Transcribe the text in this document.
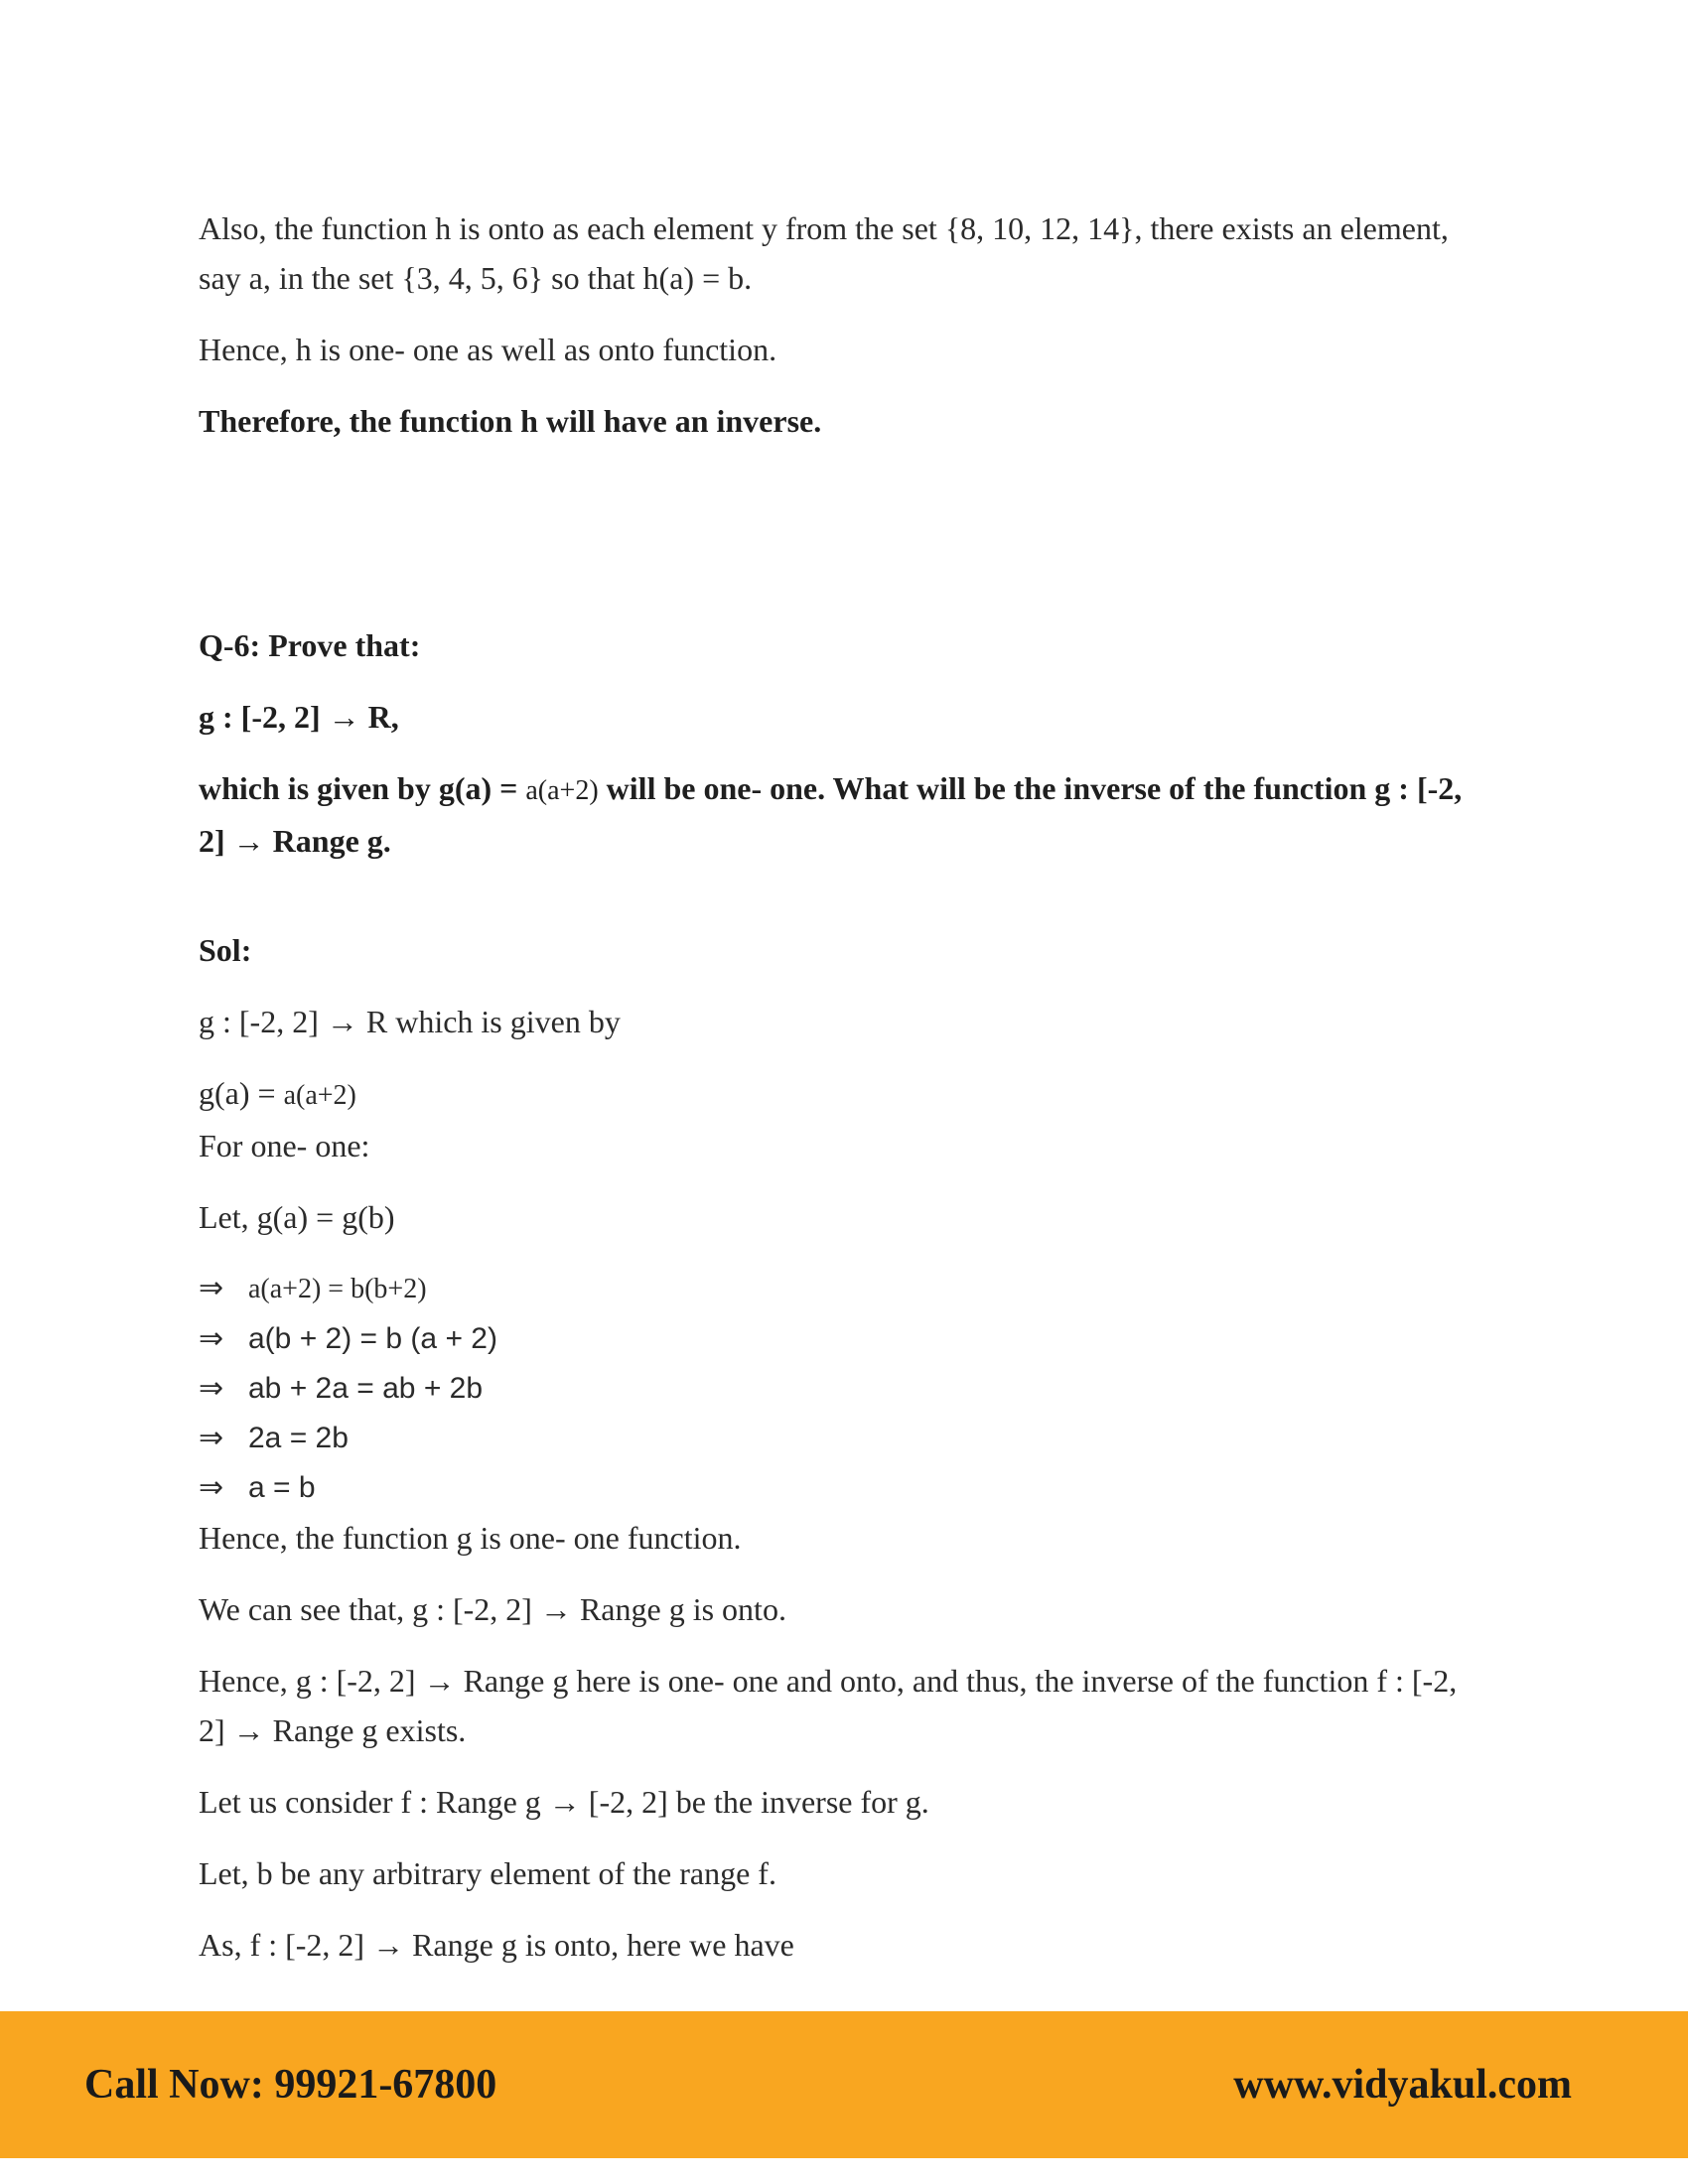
Also, the function h is onto as each element y from the set {8, 10, 12, 14}, there exists an element, say a, in the set {3, 4, 5, 6} so that h(a) = b.

Hence, h is one- one as well as onto function.

Therefore, the function h will have an inverse.

Q-6: Prove that:

g : [-2, 2] → R,

which is given by g(a) = a(a+2) will be one- one. What will be the inverse of the function g : [-2, 2] → Range g.

Sol:

g : [-2, 2] → R which is given by

g(a) = a(a+2)

For one- one:

Let, g(a) = g(b)

⇒ a(a+2) = b(b+2)

⇒ a(b + 2) = b (a + 2)

⇒ ab + 2a = ab + 2b

⇒ 2a = 2b

⇒ a = b

Hence, the function g is one- one function.

We can see that, g : [-2, 2] → Range g is onto.

Hence, g : [-2, 2] → Range g here is one- one and onto, and thus, the inverse of the function f : [-2, 2] → Range g exists.

Let us consider f : Range g → [-2, 2] be the inverse for g.

Let, b be any arbitrary element of the range f.

As, f : [-2, 2] → Range g is onto, here we have

Call Now: 99921-67800	www.vidyakul.com
